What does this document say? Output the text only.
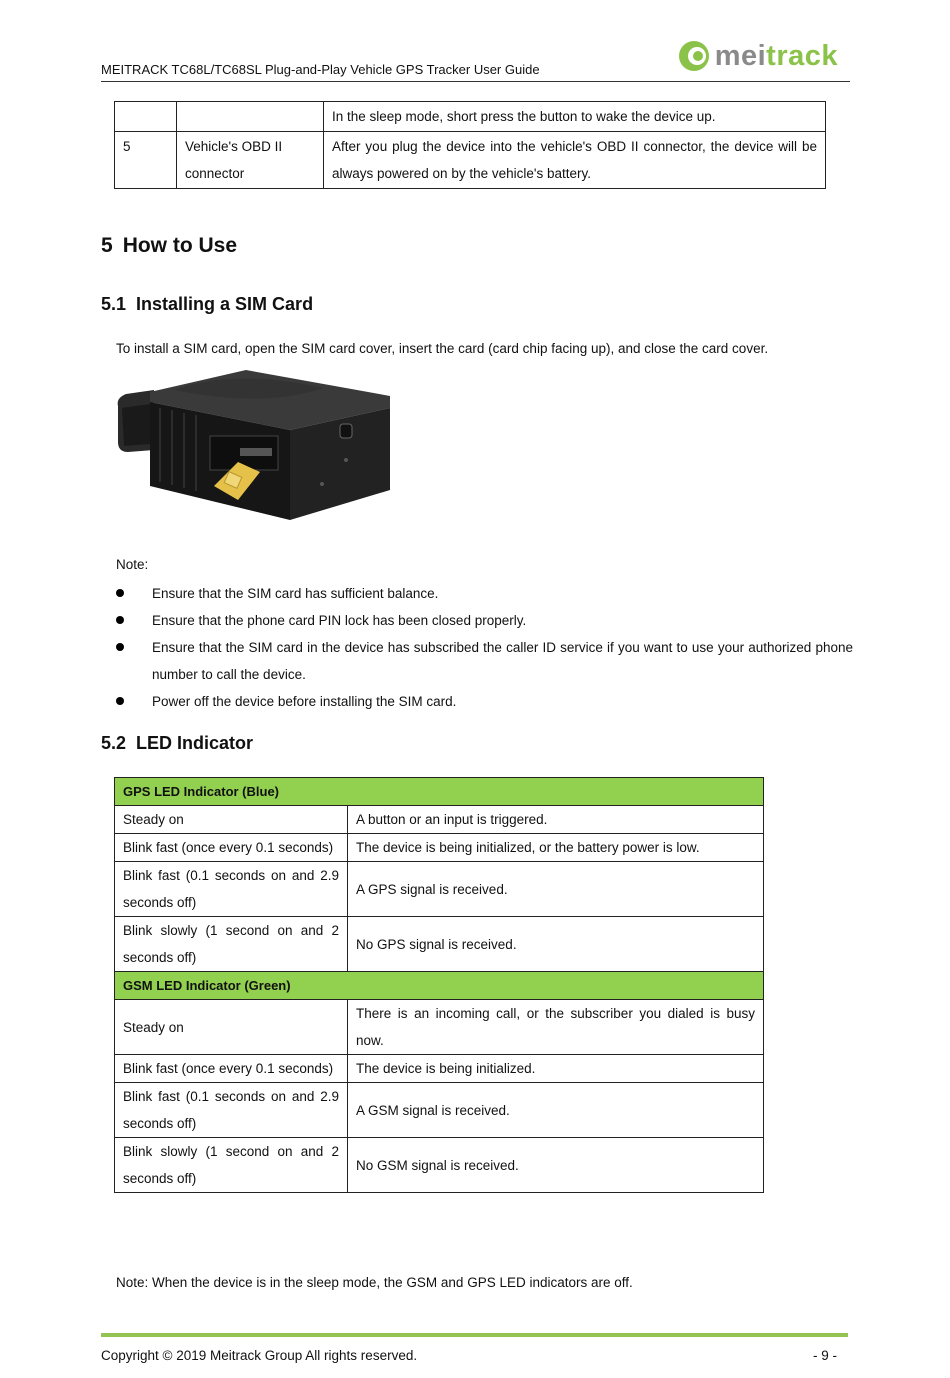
MEITRACK TC68L/TC68SL Plug-and-Play Vehicle GPS Tracker User Guide	meitrack
		In the sleep mode, short press the button to wake the device up.
5	Vehicle's OBD II connector	After you plug the device into the vehicle's OBD II connector, the device will be always powered on by the vehicle's battery.
5 How to Use
5.1 Installing a SIM Card
To install a SIM card, open the SIM card cover, insert the card (card chip facing up), and close the card cover.
Note:
Ensure that the SIM card has sufficient balance.
Ensure that the phone card PIN lock has been closed properly.
Ensure that the SIM card in the device has subscribed the caller ID service if you want to use your authorized phone number to call the device.
Power off the device before installing the SIM card.
5.2 LED Indicator
GPS LED Indicator (Blue)	
Steady on	A button or an input is triggered.
Blink fast (once every 0.1 seconds)	The device is being initialized, or the battery power is low.
Blink fast (0.1 seconds on and 2.9 seconds off)	A GPS signal is received.
Blink slowly (1 second on and 2 seconds off)	No GPS signal is received.
GSM LED Indicator (Green)	
Steady on	There is an incoming call, or the subscriber you dialed is busy now.
Blink fast (once every 0.1 seconds)	The device is being initialized.
Blink fast (0.1 seconds on and 2.9 seconds off)	A GSM signal is received.
Blink slowly (1 second on and 2 seconds off)	No GSM signal is received.
Note: When the device is in the sleep mode, the GSM and GPS LED indicators are off.
Copyright © 2019 Meitrack Group All rights reserved.	- 9 -
